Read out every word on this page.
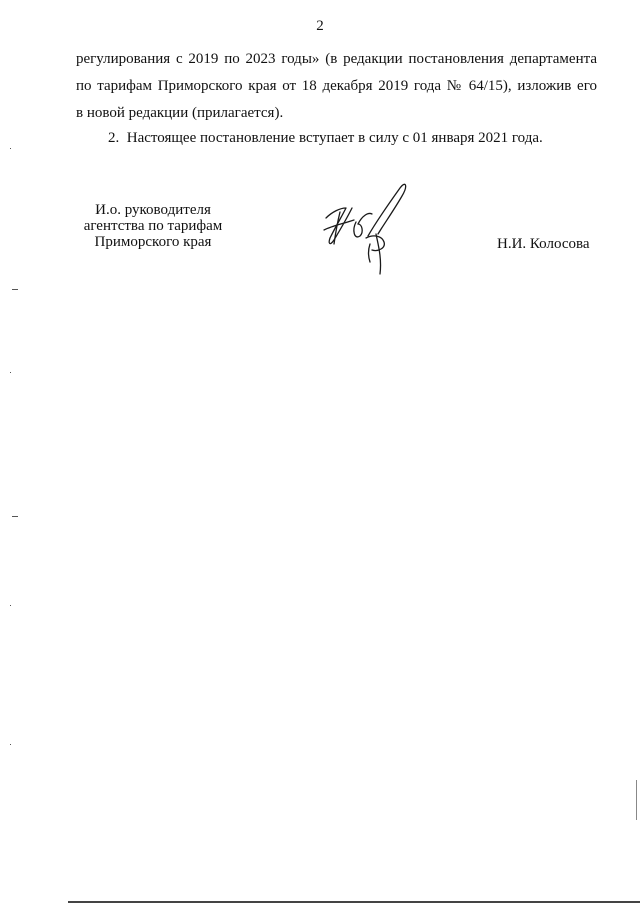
2
регулирования с 2019 по 2023 годы» (в редакции постановления департамента
по тарифам Приморского края от 18 декабря 2019 года № 64/15), изложив его
в новой редакции (прилагается).
2.  Настоящее постановление вступает в силу с 01 января 2021 года.
И.о. руководителя
агентства по тарифам
Приморского края	Н.И. Колосова
